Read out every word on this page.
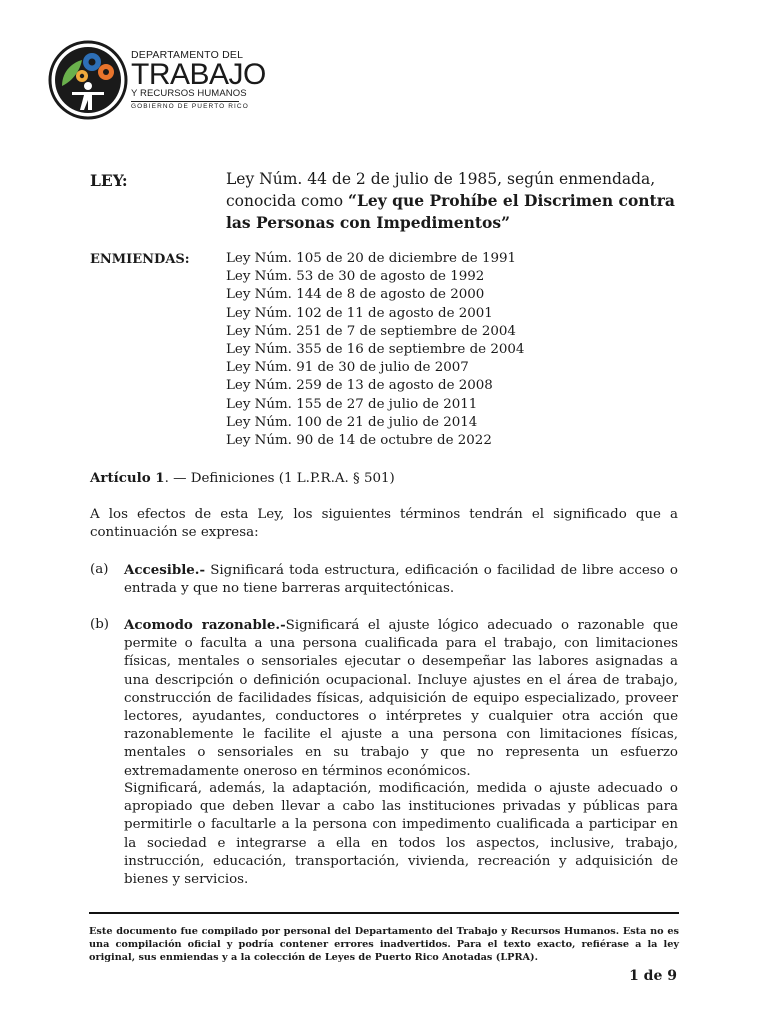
DEPARTAMENTO DEL
TRABAJO
Y RECURSOS HUMANOS
GOBIERNO DE PUERTO RICO
LEY:	Ley Núm. 44 de 2 de julio de 1985, según enmendada, conocida como “Ley que Prohíbe el Discrimen contra las Personas con Impedimentos”
ENMIENDAS:	Ley Núm. 105 de 20 de diciembre de 1991
Ley Núm. 53 de 30 de agosto de 1992
Ley Núm. 144 de 8 de agosto de 2000
Ley Núm. 102 de 11 de agosto de 2001
Ley Núm. 251 de 7 de septiembre de 2004
Ley Núm. 355 de 16 de septiembre de 2004
Ley Núm. 91 de 30 de julio de 2007
Ley Núm. 259 de 13 de agosto de 2008
Ley Núm. 155 de 27 de julio de 2011
Ley Núm. 100 de 21 de julio de 2014
Ley Núm. 90 de 14 de octubre de 2022
Artículo 1. — Definiciones (1 L.P.R.A. § 501)
A los efectos de esta Ley, los siguientes términos tendrán el significado que a continuación se expresa:
(a) Accesible.- Significará toda estructura, edificación o facilidad de libre acceso o entrada y que no tiene barreras arquitectónicas.
(b) Acomodo razonable.-Significará el ajuste lógico adecuado o razonable que permite o faculta a una persona cualificada para el trabajo, con limitaciones físicas, mentales o sensoriales ejecutar o desempeñar las labores asignadas a una descripción o definición ocupacional. Incluye ajustes en el área de trabajo, construcción de facilidades físicas, adquisición de equipo especializado, proveer lectores, ayudantes, conductores o intérpretes y cualquier otra acción que razonablemente le facilite el ajuste a una persona con limitaciones físicas, mentales o sensoriales en su trabajo y que no representa un esfuerzo extremadamente oneroso en términos económicos.
Significará, además, la adaptación, modificación, medida o ajuste adecuado o apropiado que deben llevar a cabo las instituciones privadas y públicas para permitirle o facultarle a la persona con impedimento cualificada a participar en la sociedad e integrarse a ella en todos los aspectos, inclusive, trabajo, instrucción, educación, transportación, vivienda, recreación y adquisición de bienes y servicios.
Este documento fue compilado por personal del Departamento del Trabajo y Recursos Humanos. Esta no es una compilación oficial y podría contener errores inadvertidos. Para el texto exacto, refiérase a la ley original, sus enmiendas y a la colección de Leyes de Puerto Rico Anotadas (LPRA).
1 de 9
